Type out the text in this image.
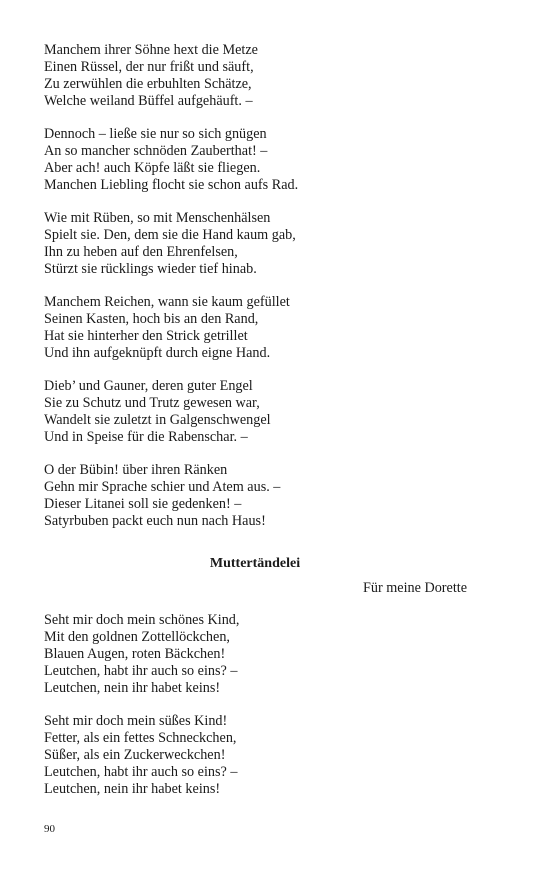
Manchem ihrer Söhne hext die Metze
Einen Rüssel, der nur frißt und säuft,
Zu zerwühlen die erbuhlten Schätze,
Welche weiland Büffel aufgehäuft. –
Dennoch – ließe sie nur so sich gnügen
An so mancher schnöden Zauberthat! –
Aber ach! auch Köpfe läßt sie fliegen.
Manchen Liebling flocht sie schon aufs Rad.
Wie mit Rüben, so mit Menschenhälsen
Spielt sie. Den, dem sie die Hand kaum gab,
Ihn zu heben auf den Ehrenfelsen,
Stürzt sie rücklings wieder tief hinab.
Manchem Reichen, wann sie kaum gefüllet
Seinen Kasten, hoch bis an den Rand,
Hat sie hinterher den Strick getrillet
Und ihn aufgeknüpft durch eigne Hand.
Dieb’ und Gauner, deren guter Engel
Sie zu Schutz und Trutz gewesen war,
Wandelt sie zuletzt in Galgenschwengel
Und in Speise für die Rabenschar. –
O der Bübin! über ihren Ränken
Gehn mir Sprache schier und Atem aus. –
Dieser Litanei soll sie gedenken! –
Satyrbuben packt euch nun nach Haus!
Muttertändelei
Für meine Dorette
Seht mir doch mein schönes Kind,
Mit den goldnen Zottellöckchen,
Blauen Augen, roten Bäckchen!
Leutchen, habt ihr auch so eins? –
Leutchen, nein ihr habet keins!
Seht mir doch mein süßes Kind!
Fetter, als ein fettes Schneckchen,
Süßer, als ein Zuckerweckchen!
Leutchen, habt ihr auch so eins? –
Leutchen, nein ihr habet keins!
90
